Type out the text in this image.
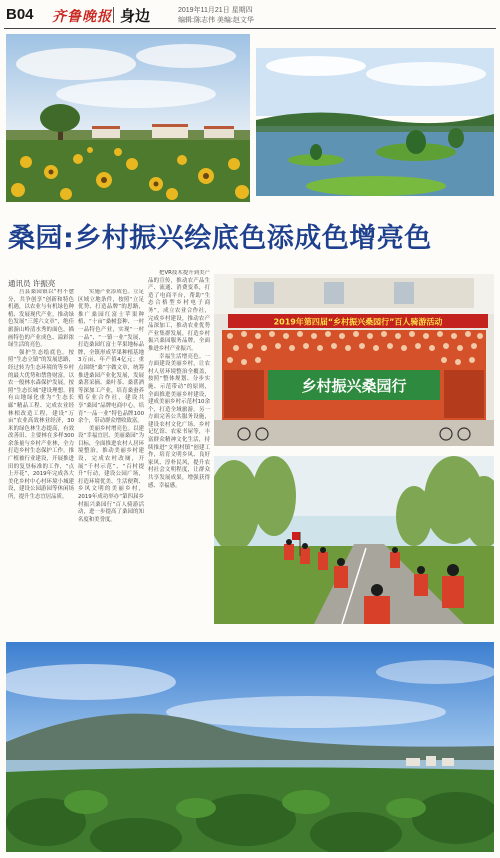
B04 齐鲁晚报 身边	2019年11月21日 星期四
编辑:陈志伟 美编:赵文华
桑园:乡村振兴绘底色添成色增亮色
通讯员 许振亮

莒县桑园镇以“村不愈分，共争创享”创新和特色机遇，以农业与有机绿色种植、发展现代产业，推动绿色发展“三莲六文章”，绝佳旅游山岭清水秀的面色，描画特色的产业成色、溢彩浓绿生活的亮色。

强护生态绘底色。按照“生态立镇”的发展思路，经过转为生态环境的等乡村的最大优势和禁鲁财富。以农一般林水森保护发展，按照“生态长城”建设理想，拥有山地绿化重为“生态长廊”精品工程、完成农业经林相改造工程，建设“万亩”农业高效林业经济，30米的绿色林生态提高，有效改善田、主要林在多样300余条量与乡村产业林，全力打造乡村生态保护工作，推广植被行业建设，开展推进田的复垦标准的工作，“点上开花”，2019年完成各大美化乡村中心村环境小城建设，建设公园游园等休闲场所，提升生态宜居品质。

实施产业添成色。立足区域立地条件，按照“立足优势、打造品牌”的思路，推广桑园红富士苹果种植，“十亩”桑树套种、一村一品特色产业，实现“一村一品”、“一镇一业”发展，打造桑园红富士苹果地标品牌，全镇形成苹果种植基地3万亩、年产值4亿元；重点围绕“桑”字做文章，统筹推进桑园产业化发展，发展桑葚采摘、桑叶茶、桑葚酒等深加工产业，培育桑蚕养殖专业合作社，建设共享“桑园”品牌电商中心，培育“一品一业”特色品牌100余个，带动群众增收致富。

美丽乡村增亮色。以建设“幸福宜居、美丽桑园”为目标，全面推进农村人居环境整治，推动美丽乡村建设，完成农村改厕，开展“千村示范”、“百村提升”行动，建设公园广场，打造环境优美、生活便利、乡风文明的美丽乡村，2019年成功举办“第四届乡村振兴桑园行”百人骑游活动，进一步提高了桑园的知名度和美誉度。

把VR技术提升到美产品的宣传，推动农产品生产、流通、消费变革，打造了电商平台，帮助“生态合格型乡村电子商务”，成立农业合作社，完成乡村建设，推动农产品深加工，推动农业优势产业集群发展，打造乡村振兴桑园服务品牌，全面推进乡村产业振兴。

幸福生活增亮色。一方面建设美丽乡村，让农村人居环境整治全覆盖，按照“整体规划、分步实施、示范带动”的原则，全面推进美丽乡村建设，建成美丽乡村示范村10余个，打造全域旅游。另一方面完善公共服务设施，建设农村文化广场、乡村记忆馆、农家书屋等，丰富群众精神文化生活，持续推进“文明村镇”创建工作，培育文明乡风、良好家风、淳朴民风，提升农村社会文明程度，让群众共享发展成果，增强获得感、幸福感。

2019年第四届“乡村振兴桑园行”百人骑游活动
乡村振兴桑园行
